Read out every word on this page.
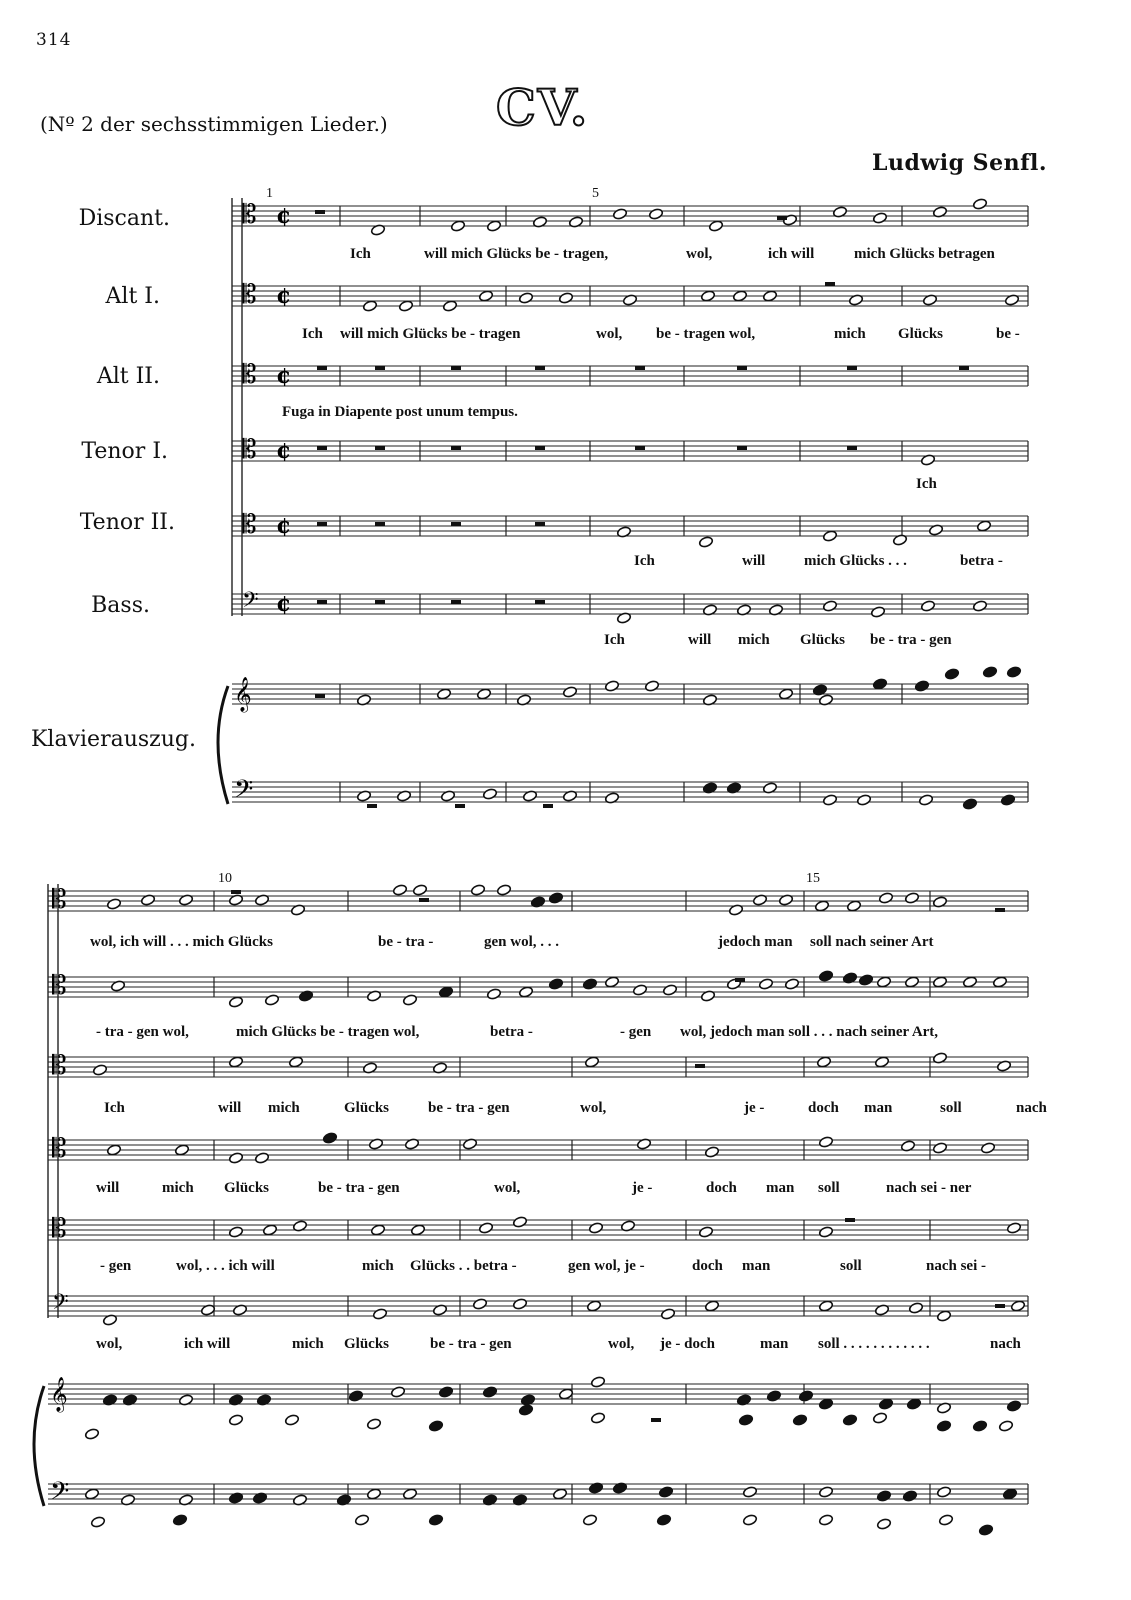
314
CV.
(Nº 2 der sechsstimmigen Lieder.)
Ludwig Senfl.
Discant.
Alt I.
Alt II.
Tenor I.
Tenor II.
Bass.
Klavierauszug.
1	5
10	15
Fuga in Diapente post unum tempus.
Ich	will mich Glücks be - tragen,	wol,	ich will	mich Glücks betragen
Ich will mich Glücks be - tragen	wol, be - tragen wol,	mich Glücks	be -
Ich
Ich	will	mich Glücks . . .	betra -
Ich	will mich Glücks be - tra - gen
wol, ich will . . . mich Glücks	be - tra -	gen wol, . . .	jedoch man soll nach seiner Art
- tra - gen wol,	mich Glücks be - tragen wol,	betra -	- gen wol, jedoch man soll . . . nach seiner Art,
Ich	will mich	Glücks	be - tra - gen	wol,	je -	doch man	soll	nach
will	mich Glücks	be - tra - gen	wol,	je -	doch man soll	nach sei - ner
- gen	wol, . . . ich will	mich Glücks . . betra -	gen wol, je -	doch man	soll	nach sei -
wol,	ich will	mich Glücks	be - tra - gen	wol, je - doch	man soll . . . . . . . . . . . .	nach
𝄡 ¢
𝄡 ¢
𝄡 ¢
𝄡 ¢
𝄡 ¢
𝄢 ¢
𝄞
𝄢
𝄡
𝄡
𝄡
𝄡
𝄡
𝄢
𝄞
𝄢
